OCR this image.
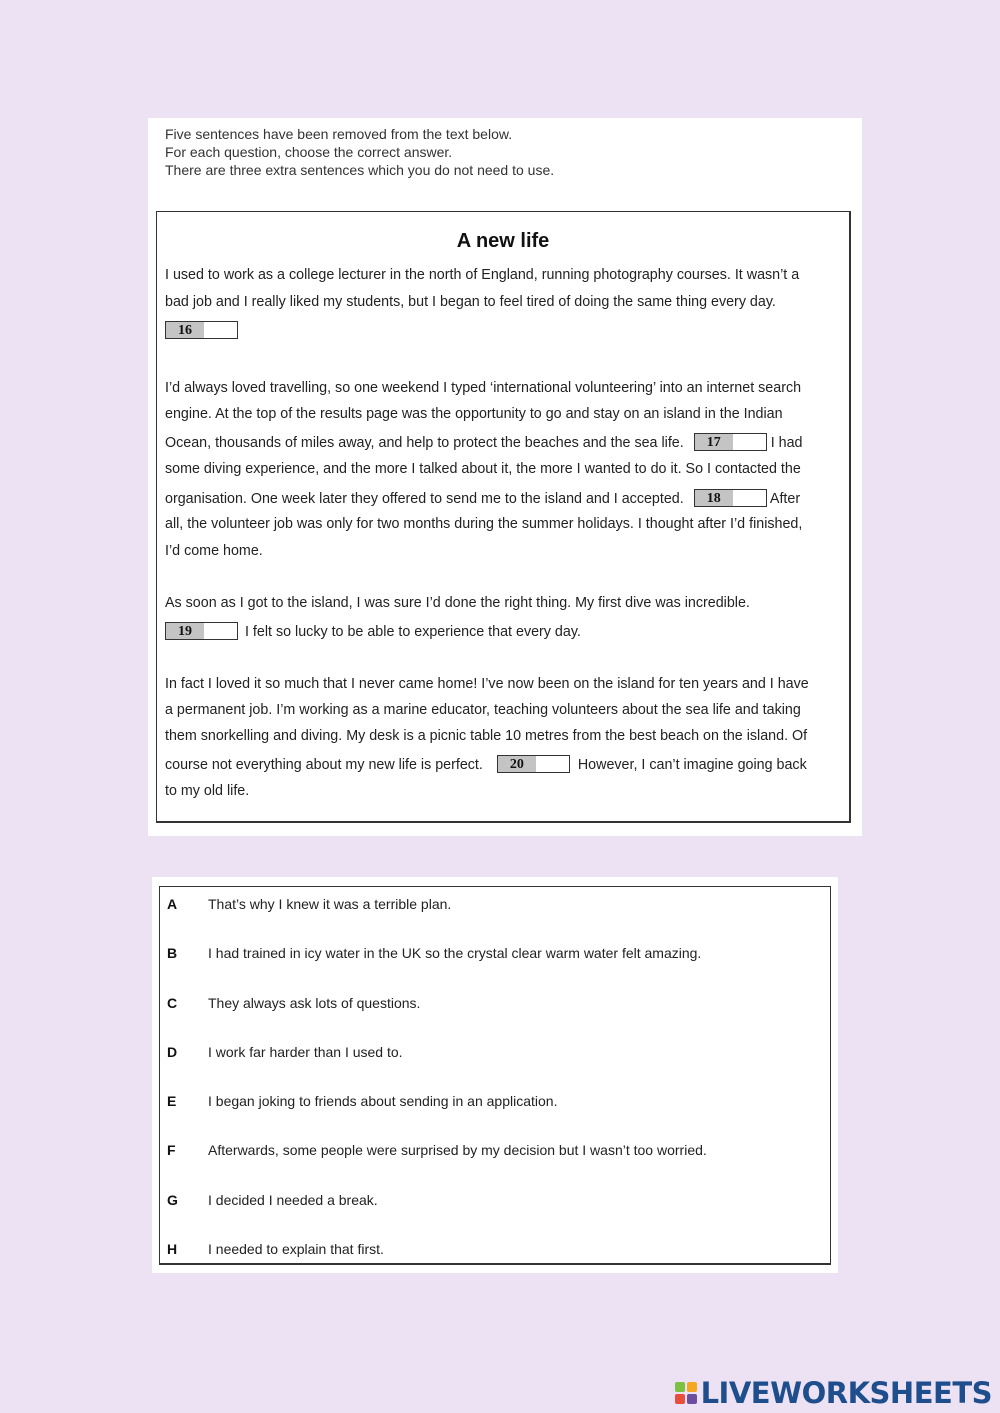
Five sentences have been removed from the text below.
For each question, choose the correct answer.
There are three extra sentences which you do not need to use.
A new life
I used to work as a college lecturer in the north of England, running photography courses. It wasn’t a
bad job and I really liked my students, but I began to feel tired of doing the same thing every day.
16
I’d always loved travelling, so one weekend I typed ‘international volunteering’ into an internet search
engine. At the top of the results page was the opportunity to go and stay on an island in the Indian
Ocean, thousands of miles away, and help to protect the beaches and the sea life.	17	I had
some diving experience, and the more I talked about it, the more I wanted to do it. So I contacted the
organisation. One week later they offered to send me to the island and I accepted.	18	After
all, the volunteer job was only for two months during the summer holidays. I thought after I’d finished,
I’d come home.
As soon as I got to the island, I was sure I’d done the right thing. My first dive was incredible.
19	I felt so lucky to be able to experience that every day.
In fact I loved it so much that I never came home! I’ve now been on the island for ten years and I have
a permanent job. I’m working as a marine educator, teaching volunteers about the sea life and taking
them snorkelling and diving. My desk is a picnic table 10 metres from the best beach on the island. Of
course not everything about my new life is perfect.	20	However, I can’t imagine going back
to my old life.
A That’s why I knew it was a terrible plan.
B I had trained in icy water in the UK so the crystal clear warm water felt amazing.
C They always ask lots of questions.
D I work far harder than I used to.
E I began joking to friends about sending in an application.
F Afterwards, some people were surprised by my decision but I wasn’t too worried.
G I decided I needed a break.
H I needed to explain that first.
LIVEWORKSHEETS
